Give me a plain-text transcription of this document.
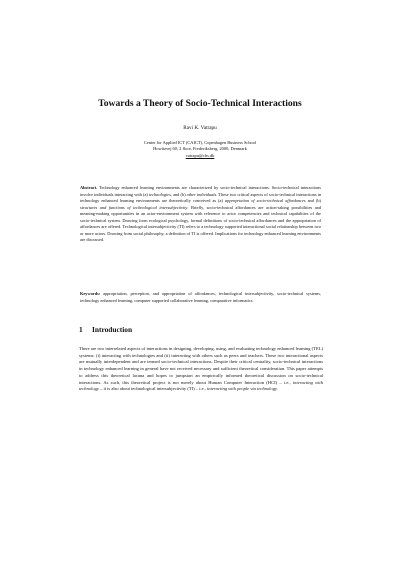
Towards a Theory of Socio-Technical Interactions
Ravi K. Vatrapu
Center for Applied ICT (CAICT), Copenhagen Business School
Howitzvej 60, 2 floor, Frederiksberg, 2000, Denmark
vatrapu@cbs.dk
Abstract. Technology enhanced learning environments are characterized by socio-technical interactions. Socio-technical interactions involve individuals interacting with (a) technologies, and (b) other individuals. These two critical aspects of socio-technical interactions in technology enhanced learning environments are theoretically conceived as (a) appropriation of socio-technical affordances and (b) structures and functions of technological intersubjectivity. Briefly, socio-technical affordances are action-taking possibilities and meaning-making opportunities in an actor-environment system with reference to actor competencies and technical capabilities of the socio-technical system. Drawing from ecological psychology, formal definitions of socio-technical affordances and the appropriation of affordances are offered. Technological intersubjectivity (TI) refers to a technology supported interactional social relationship between two or more actors. Drawing from social philosophy, a definition of TI is offered. Implications for technology enhanced learning environments are discussed.
Keywords: appropriation, perception, and appropriation of affordances, technological intersubjectivity, socio-technical systems, technology enhanced learning, computer supported collaborative learning, comparative informatics.
1 Introduction
There are two interrelated aspects of interactions in designing, developing, using, and evaluating technology enhanced learning (TEL) systems: (i) interacting with technologies and (ii) interacting with others such as peers and teachers. These two interactional aspects are mutually interdependent and are termed socio-technical interactions. Despite their critical centrality, socio-technical interactions in technology enhanced learning in general have not received necessary and sufficient theoretical consideration. This paper attempts to address this theoretical lacuna and hopes to jumpstart an empirically informed theoretical discussion on socio-technical interactions. As such, this theoretical project is not merely about Human Computer Interaction (HCI) – i.e., interacting with technology – it is also about technological intersubjectivity (TI) – i.e., interacting with people via technology.
